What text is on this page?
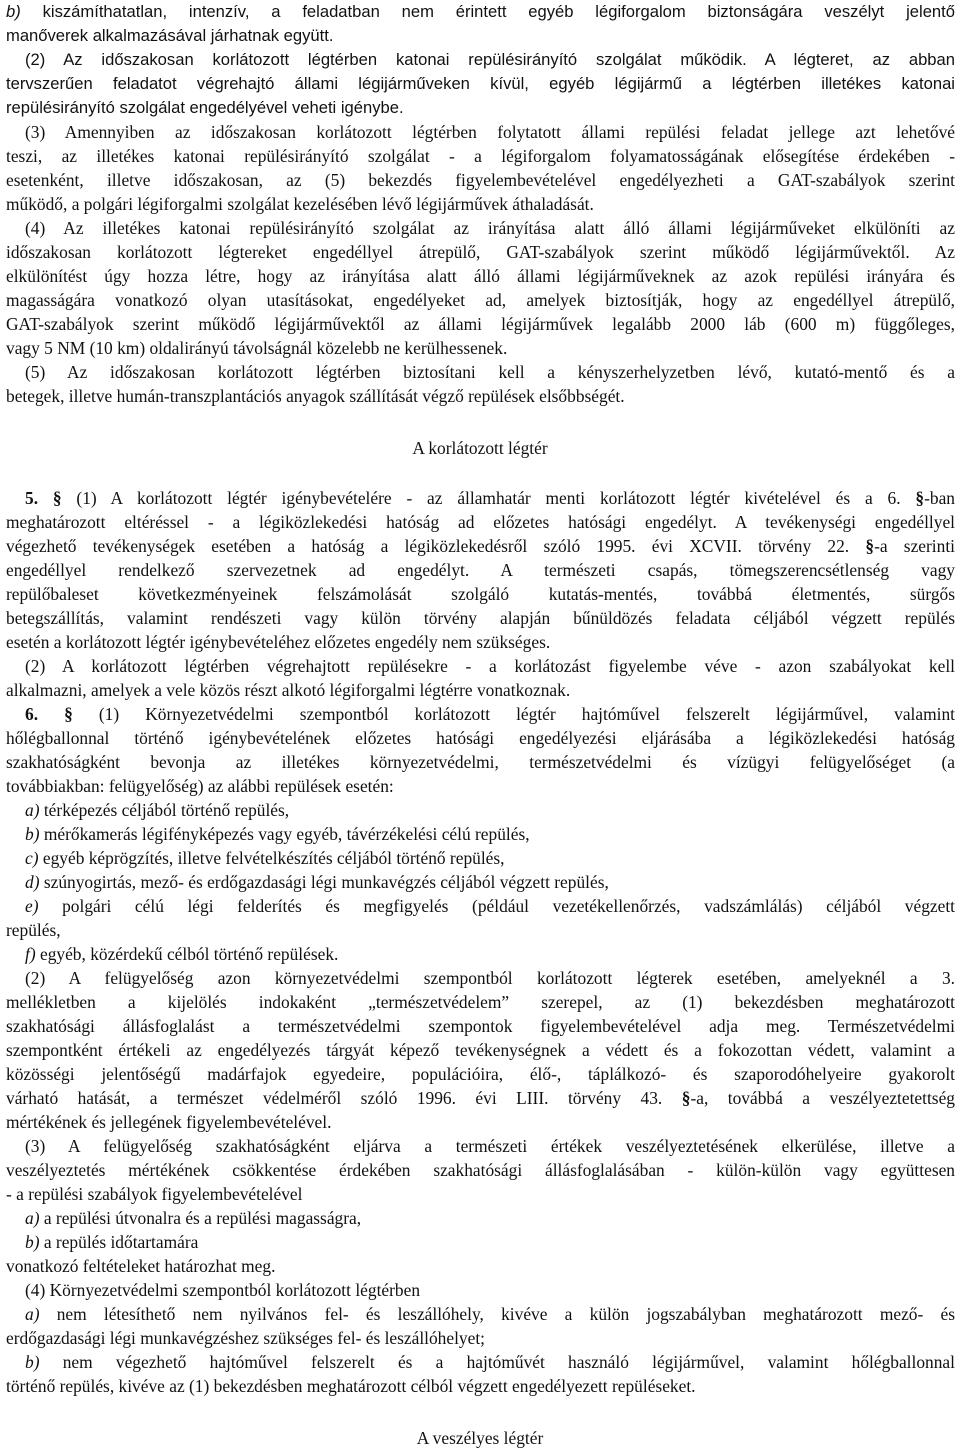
b) kiszámíthatatlan, intenzív, a feladatban nem érintett egyéb légiforgalom biztonságára veszélyt jelentő
manőverek alkalmazásával járhatnak együtt.
(2) Az időszakosan korlátozott légtérben katonai repülésirányító szolgálat működik. A légteret, az abban
tervszerűen feladatot végrehajtó állami légijárműveken kívül, egyéb légijármű a légtérben illetékes katonai
repülésirányító szolgálat engedélyével veheti igénybe.
(3) Amennyiben az időszakosan korlátozott légtérben folytatott állami repülési feladat jellege azt lehetővé
teszi, az illetékes katonai repülésirányító szolgálat - a légiforgalom folyamatosságának elősegítése érdekében -
esetenként, illetve időszakosan, az (5) bekezdés figyelembevételével engedélyezheti a GAT-szabályok szerint
működő, a polgári légiforgalmi szolgálat kezelésében lévő légijárművek áthaladását.
(4) Az illetékes katonai repülésirányító szolgálat az irányítása alatt álló állami légijárműveket elkülöníti az
időszakosan korlátozott légtereket engedéllyel átrepülő, GAT-szabályok szerint működő légijárművektől. Az
elkülönítést úgy hozza létre, hogy az irányítása alatt álló állami légijárműveknek az azok repülési irányára és
magasságára vonatkozó olyan utasításokat, engedélyeket ad, amelyek biztosítják, hogy az engedéllyel átrepülő,
GAT-szabályok szerint működő légijárművektől az állami légijárművek legalább 2000 láb (600 m) függőleges,
vagy 5 NM (10 km) oldalirányú távolságnál közelebb ne kerülhessenek.
(5) Az időszakosan korlátozott légtérben biztosítani kell a kényszerhelyzetben lévő, kutató-mentő és a
betegek, illetve humán-transzplantációs anyagok szállítását végző repülések elsőbbségét.
A korlátozott légtér
5. § (1) A korlátozott légtér igénybevételére - az államhatár menti korlátozott légtér kivételével és a 6. §-ban
meghatározott eltéréssel - a légiközlekedési hatóság ad előzetes hatósági engedélyt. A tevékenységi engedéllyel
végezhető tevékenységek esetében a hatóság a légiközlekedésről szóló 1995. évi XCVII. törvény 22. §-a szerinti
engedéllyel rendelkező szervezetnek ad engedélyt. A természeti csapás, tömegszerencsétlenség vagy
repülőbaleset következményeinek felszámolását szolgáló kutatás-mentés, továbbá életmentés, sürgős
betegszállítás, valamint rendészeti vagy külön törvény alapján bűnüldözés feladata céljából végzett repülés
esetén a korlátozott légtér igénybevételéhez előzetes engedély nem szükséges.
(2) A korlátozott légtérben végrehajtott repülésekre - a korlátozást figyelembe véve - azon szabályokat kell
alkalmazni, amelyek a vele közös részt alkotó légiforgalmi légtérre vonatkoznak.
6. § (1) Környezetvédelmi szempontból korlátozott légtér hajtóművel felszerelt légijárművel, valamint
hőlégballonnal történő igénybevételének előzetes hatósági engedélyezési eljárásába a légiközlekedési hatóság
szakhatóságként bevonja az illetékes környezetvédelmi, természetvédelmi és vízügyi felügyelőséget (a
továbbiakban: felügyelőség) az alábbi repülések esetén:
a) térképezés céljából történő repülés,
b) mérőkamerás légifényképezés vagy egyéb, távérzékelési célú repülés,
c) egyéb képrögzítés, illetve felvételkészítés céljából történő repülés,
d) szúnyogirtás, mező- és erdőgazdasági légi munkavégzés céljából végzett repülés,
e) polgári célú légi felderítés és megfigyelés (például vezetékellenőrzés, vadszámlálás) céljából végzett
repülés,
f) egyéb, közérdekű célból történő repülések.
(2) A felügyelőség azon környezetvédelmi szempontból korlátozott légterek esetében, amelyeknél a 3.
mellékletben a kijelölés indokaként „természetvédelem” szerepel, az (1) bekezdésben meghatározott
szakhatósági állásfoglalást a természetvédelmi szempontok figyelembevételével adja meg. Természetvédelmi
szempontként értékeli az engedélyezés tárgyát képező tevékenységnek a védett és a fokozottan védett, valamint a
közösségi jelentőségű madárfajok egyedeire, populációira, élő-, táplálkozó- és szaporodóhelyeire gyakorolt
várható hatását, a természet védelméről szóló 1996. évi LIII. törvény 43. §-a, továbbá a veszélyeztetettség
mértékének és jellegének figyelembevételével.
(3) A felügyelőség szakhatóságként eljárva a természeti értékek veszélyeztetésének elkerülése, illetve a
veszélyeztetés mértékének csökkentése érdekében szakhatósági állásfoglalásában - külön-külön vagy együttesen
- a repülési szabályok figyelembevételével
a) a repülési útvonalra és a repülési magasságra,
b) a repülés időtartamára
vonatkozó feltételeket határozhat meg.
(4) Környezetvédelmi szempontból korlátozott légtérben
a) nem létesíthető nem nyilvános fel- és leszállóhely, kivéve a külön jogszabályban meghatározott mező- és
erdőgazdasági légi munkavégzéshez szükséges fel- és leszállóhelyet;
b) nem végezhető hajtóművel felszerelt és a hajtóművét használó légijárművel, valamint hőlégballonnal
történő repülés, kivéve az (1) bekezdésben meghatározott célból végzett engedélyezett repüléseket.
A veszélyes légtér
